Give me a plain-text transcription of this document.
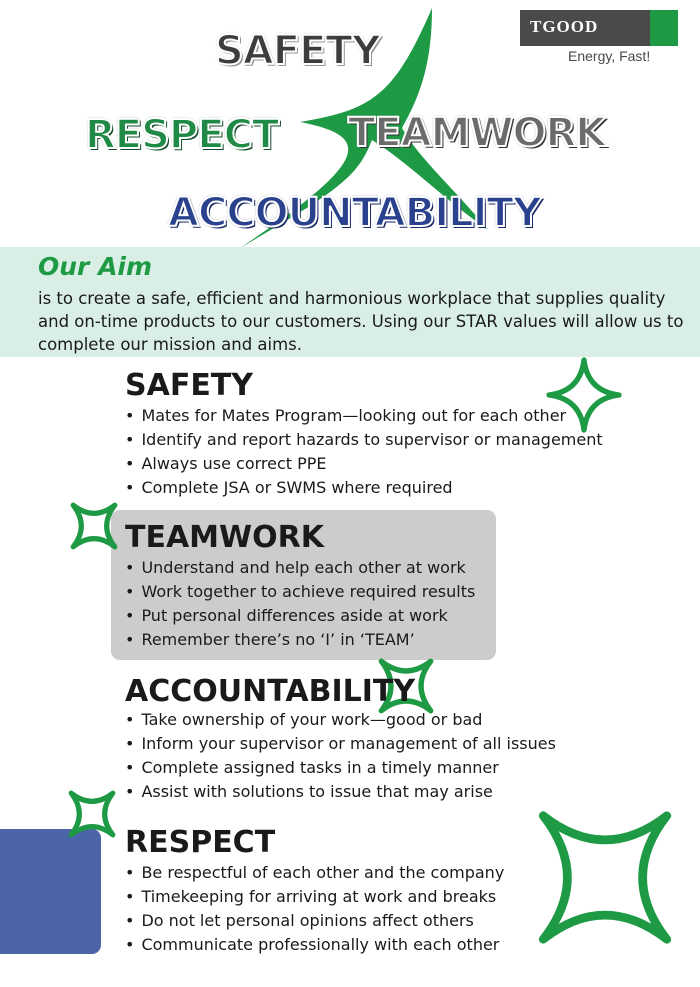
TGOOD
Energy, Fast!
SAFETY
RESPECT TEAMWORK
ACCOUNTABILITY
Our Aim
is to create a safe, efficient and harmonious workplace that supplies quality and on-time products to our customers. Using our STAR values will allow us to complete our mission and aims.
SAFETY
• Mates for Mates Program—looking out for each other
• Identify and report hazards to supervisor or management
• Always use correct PPE
• Complete JSA or SWMS where required
TEAMWORK
• Understand and help each other at work
• Work together to achieve required results
• Put personal differences aside at work
• Remember there’s no ‘I’ in ‘TEAM’
ACCOUNTABILITY
• Take ownership of your work—good or bad
• Inform your supervisor or management of all issues
• Complete assigned tasks in a timely manner
• Assist with solutions to issue that may arise
RESPECT
• Be respectful of each other and the company
• Timekeeping for arriving at work and breaks
• Do not let personal opinions affect others
• Communicate professionally with each other
